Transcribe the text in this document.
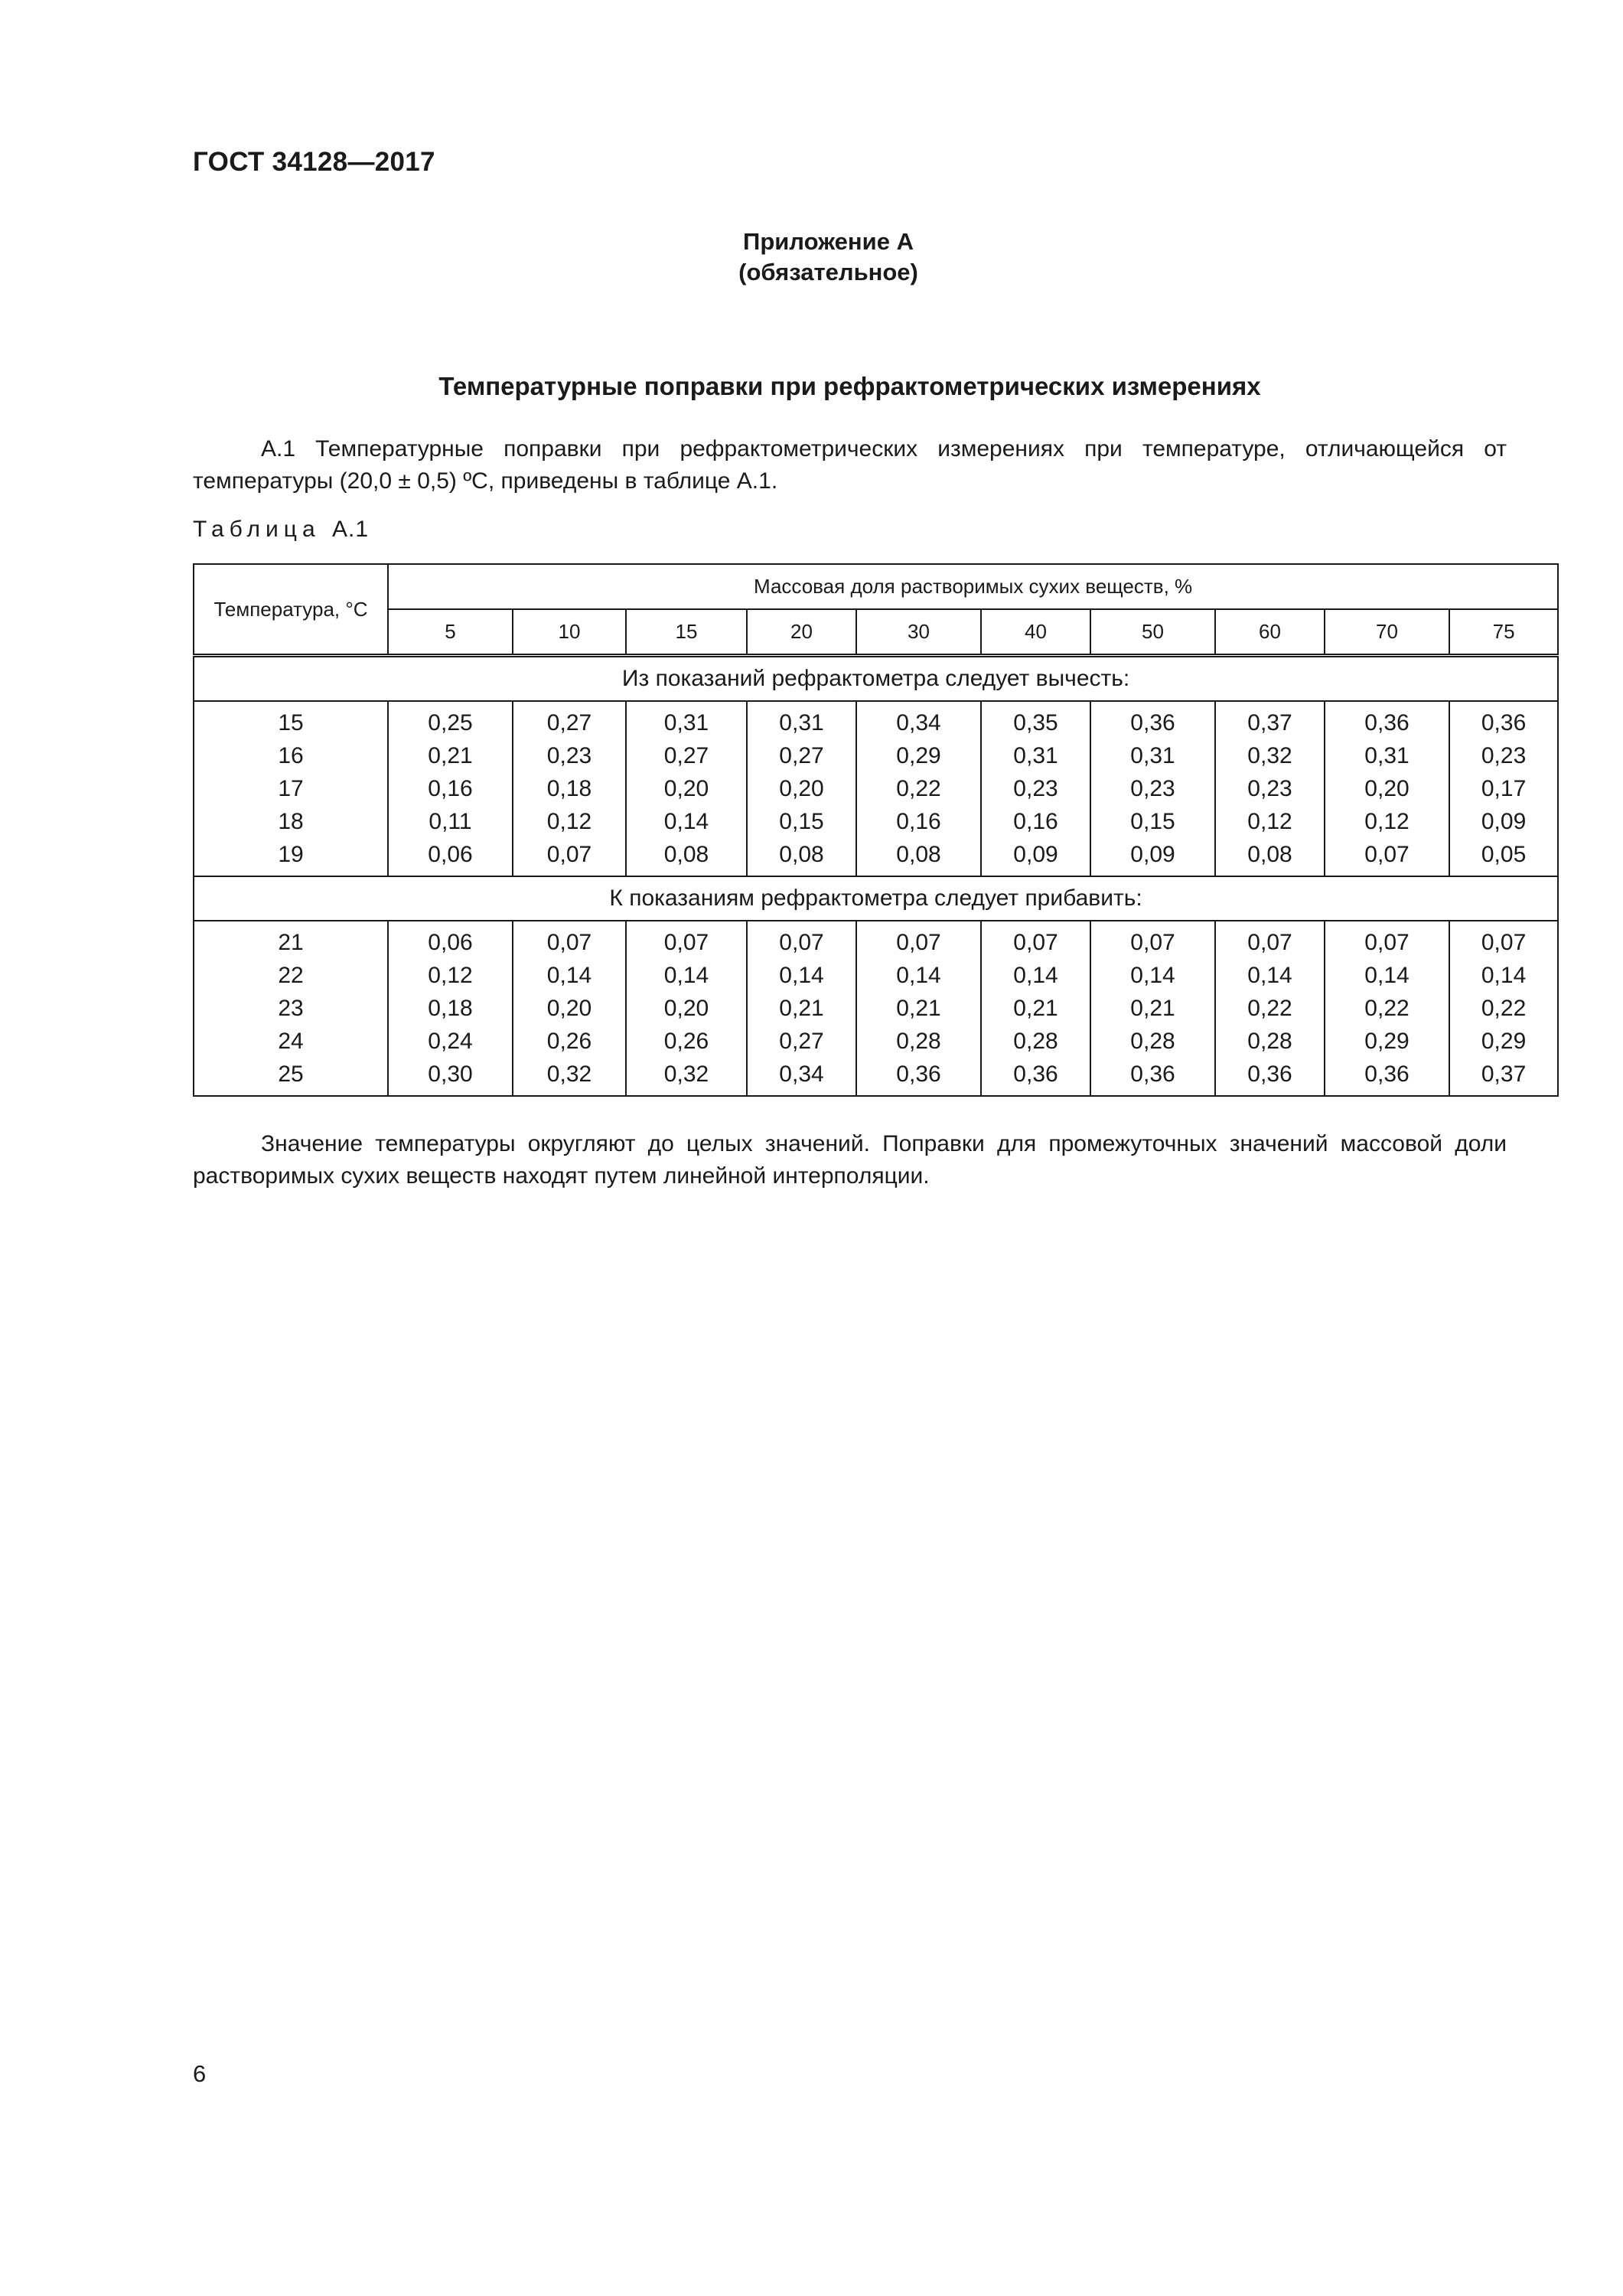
ГОСТ 34128—2017
Приложение А
(обязательное)
Температурные поправки при рефрактометрических измерениях
А.1 Температурные поправки при рефрактометрических измерениях при температуре, отличающейся от температуры (20,0 ± 0,5) ºС, приведены в таблице А.1.
Таблица А.1
Температура, °С	Массовая доля растворимых сухих веществ, %									
	5	10	15	20	30	40	50	60	70	75
Из показаний рефрактометра следует вычесть:										
15	0,25	0,27	0,31	0,31	0,34	0,35	0,36	0,37	0,36	0,36
16	0,21	0,23	0,27	0,27	0,29	0,31	0,31	0,32	0,31	0,23
17	0,16	0,18	0,20	0,20	0,22	0,23	0,23	0,23	0,20	0,17
18	0,11	0,12	0,14	0,15	0,16	0,16	0,15	0,12	0,12	0,09
19	0,06	0,07	0,08	0,08	0,08	0,09	0,09	0,08	0,07	0,05
К показаниям рефрактометра следует прибавить:										
21	0,06	0,07	0,07	0,07	0,07	0,07	0,07	0,07	0,07	0,07
22	0,12	0,14	0,14	0,14	0,14	0,14	0,14	0,14	0,14	0,14
23	0,18	0,20	0,20	0,21	0,21	0,21	0,21	0,22	0,22	0,22
24	0,24	0,26	0,26	0,27	0,28	0,28	0,28	0,28	0,29	0,29
25	0,30	0,32	0,32	0,34	0,36	0,36	0,36	0,36	0,36	0,37
Значение температуры округляют до целых значений. Поправки для промежуточных значений массовой доли растворимых сухих веществ находят путем линейной интерполяции.
6
